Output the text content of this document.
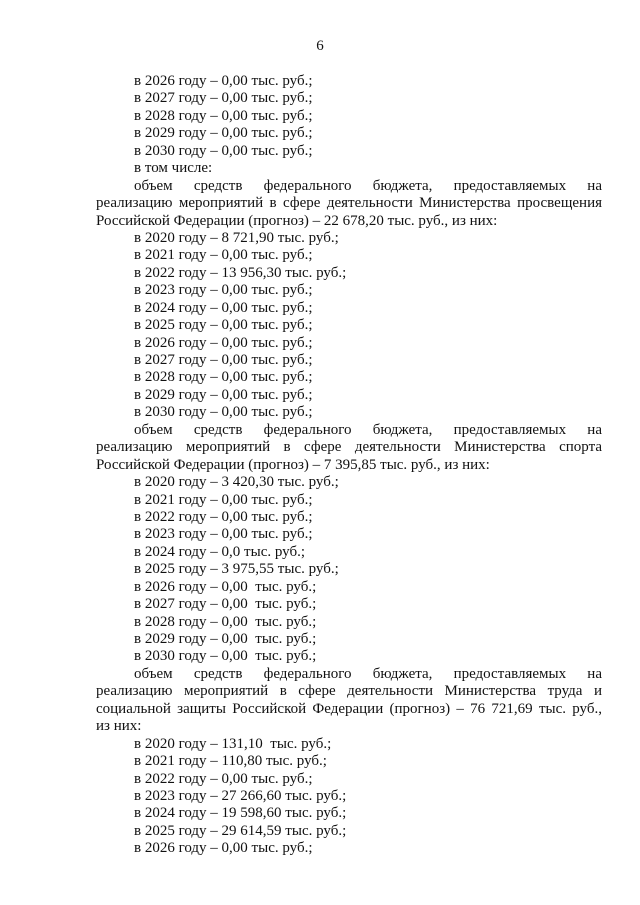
6
в 2026 году – 0,00 тыс. руб.;
в 2027 году – 0,00 тыс. руб.;
в 2028 году – 0,00 тыс. руб.;
в 2029 году – 0,00 тыс. руб.;
в 2030 году – 0,00 тыс. руб.;
в том числе:
объем средств федерального бюджета, предоставляемых на
реализацию мероприятий в сфере деятельности Министерства просвещения
Российской Федерации (прогноз) – 22 678,20 тыс. руб., из них:
в 2020 году – 8 721,90 тыс. руб.;
в 2021 году – 0,00 тыс. руб.;
в 2022 году – 13 956,30 тыс. руб.;
в 2023 году – 0,00 тыс. руб.;
в 2024 году – 0,00 тыс. руб.;
в 2025 году – 0,00 тыс. руб.;
в 2026 году – 0,00 тыс. руб.;
в 2027 году – 0,00 тыс. руб.;
в 2028 году – 0,00 тыс. руб.;
в 2029 году – 0,00 тыс. руб.;
в 2030 году – 0,00 тыс. руб.;
объем средств федерального бюджета, предоставляемых на
реализацию мероприятий в сфере деятельности Министерства спорта
Российской Федерации (прогноз) – 7 395,85 тыс. руб., из них:
в 2020 году – 3 420,30 тыс. руб.;
в 2021 году – 0,00 тыс. руб.;
в 2022 году – 0,00 тыс. руб.;
в 2023 году – 0,00 тыс. руб.;
в 2024 году – 0,0 тыс. руб.;
в 2025 году – 3 975,55 тыс. руб.;
в 2026 году – 0,00  тыс. руб.;
в 2027 году – 0,00  тыс. руб.;
в 2028 году – 0,00  тыс. руб.;
в 2029 году – 0,00  тыс. руб.;
в 2030 году – 0,00  тыс. руб.;
объем средств федерального бюджета, предоставляемых на
реализацию мероприятий в сфере деятельности Министерства труда и
социальной защиты Российской Федерации (прогноз) – 76 721,69 тыс. руб.,
из них:
в 2020 году – 131,10  тыс. руб.;
в 2021 году – 110,80 тыс. руб.;
в 2022 году – 0,00 тыс. руб.;
в 2023 году – 27 266,60 тыс. руб.;
в 2024 году – 19 598,60 тыс. руб.;
в 2025 году – 29 614,59 тыс. руб.;
в 2026 году – 0,00 тыс. руб.;
